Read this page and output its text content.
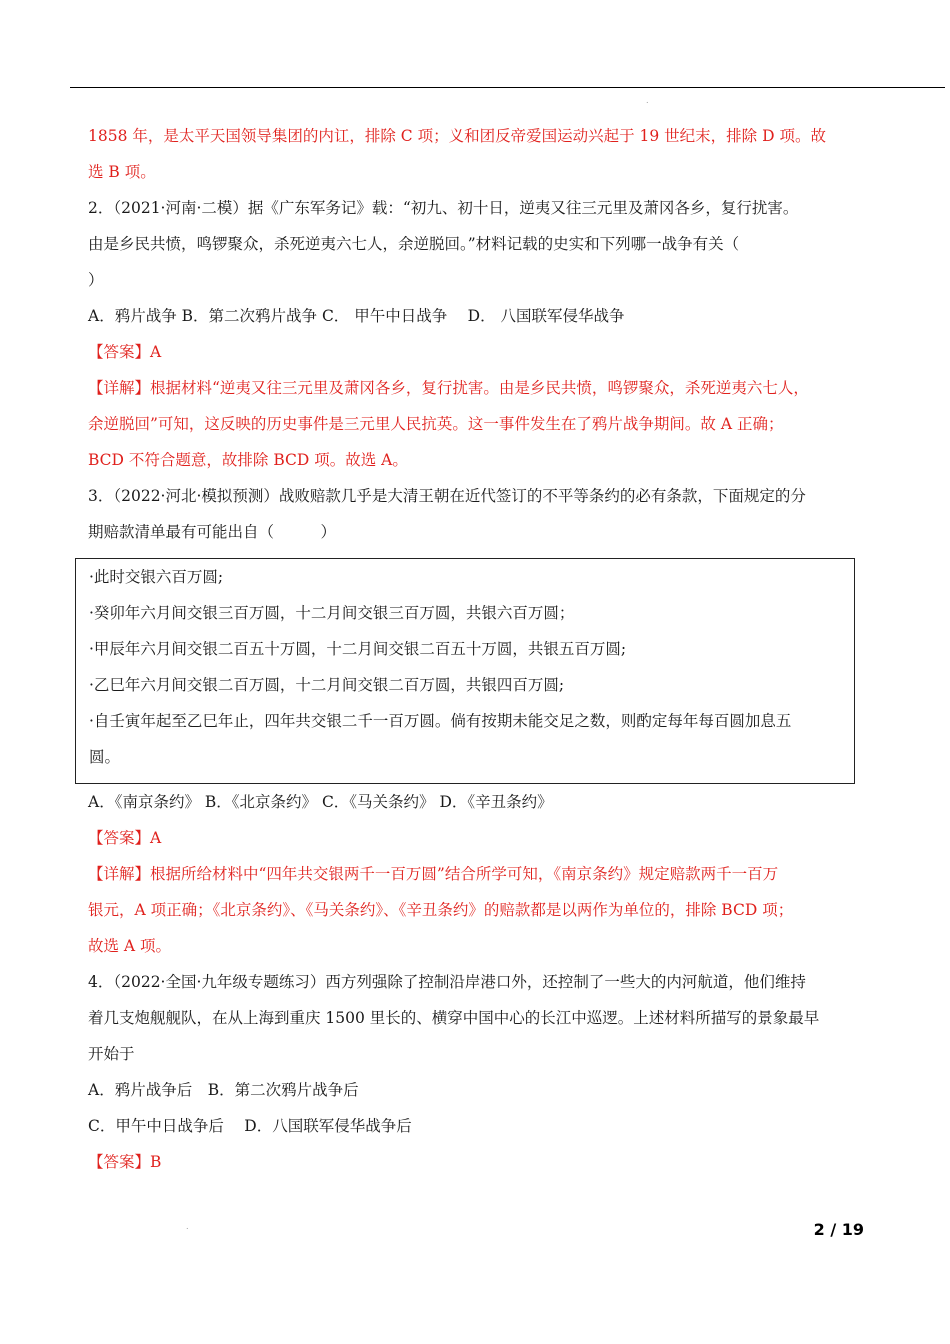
.
1858 年，是太平天国领导集团的内讧，排除 C 项；义和团反帝爱国运动兴起于 19 世纪末，排除 D 项。故
选 B 项。
2．（2021·河南·二模）据《广东军务记》载：“初九、初十日，逆夷又往三元里及萧冈各乡，复行扰害。
由是乡民共愤，鸣锣聚众，杀死逆夷六七人，余逆脱回。”材料记载的史实和下列哪一战争有关（
）
A．鸦片战争 B．第二次鸦片战争 C． 甲午中日战争　 D． 八国联军侵华战争
【答案】A
【详解】根据材料“逆夷又往三元里及萧冈各乡，复行扰害。由是乡民共愤，鸣锣聚众，杀死逆夷六七人，
余逆脱回”可知，这反映的历史事件是三元里人民抗英。这一事件发生在了鸦片战争期间。故 A 正确；
BCD 不符合题意，故排除 BCD 项。故选 A。
3．（2022·河北·模拟预测）战败赔款几乎是大清王朝在近代签订的不平等条约的必有条款，下面规定的分
期赔款清单最有可能出自（　　　）
·此时交银六百万圆;
·癸卯年六月间交银三百万圆，十二月间交银三百万圆，共银六百万圆；
·甲辰年六月间交银二百五十万圆，十二月间交银二百五十万圆，共银五百万圆;
·乙巳年六月间交银二百万圆，十二月间交银二百万圆，共银四百万圆;
·自壬寅年起至乙巳年止，四年共交银二千一百万圆。倘有按期未能交足之数，则酌定每年每百圆加息五
圆。
A．《南京条约》 B．《北京条约》 C．《马关条约》 D．《辛丑条约》
【答案】A
【详解】根据所给材料中“四年共交银两千一百万圆”结合所学可知，《南京条约》规定赔款两千一百万
银元，A 项正确；《北京条约》、《马关条约》、《辛丑条约》的赔款都是以两作为单位的，排除 BCD 项；
故选 A 项。
4．（2022·全国·九年级专题练习）西方列强除了控制沿岸港口外，还控制了一些大的内河航道，他们维持
着几支炮舰舰队，在从上海到重庆 1500 里长的、横穿中国中心的长江中巡逻。上述材料所描写的景象最早
开始于
A．鸦片战争后　B．第二次鸦片战争后
C．甲午中日战争后　 D．八国联军侵华战争后
【答案】B
.	2 / 19
